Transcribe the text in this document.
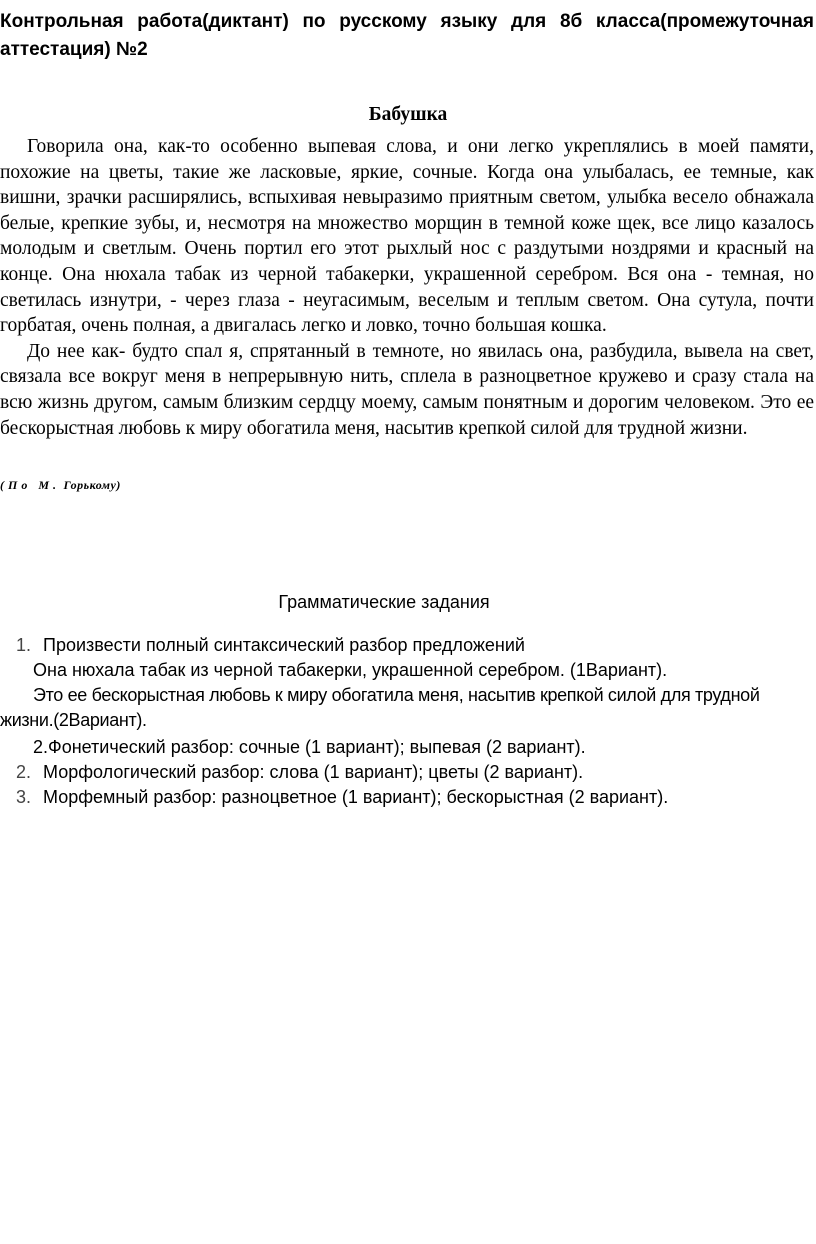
Контрольная работа(диктант) по русскому языку для 8б класса(промежуточная аттестация) №2
Бабушка

Говорила она, как-то особенно выпевая слова, и они легко укреплялись в моей памяти, похожие на цветы, такие же ласковые, яркие, сочные. Когда она улыбалась, ее темные, как вишни, зрачки расширялись, вспыхивая невыразимо приятным светом, улыбка весело обнажала белые, крепкие зубы, и, несмотря на множество морщин в темной коже щек, все лицо казалось молодым и светлым. Очень портил его этот рыхлый нос с раздутыми ноздрями и красный на конце. Она нюхала табак из черной табакерки, украшенной серебром. Вся она - темная, но светилась изнутри, - через глаза - неугасимым, веселым и теплым светом. Она сутула, почти горбатая, очень полная, а двигалась легко и ловко, точно большая кошка.

До нее как- будто спал я, спрятанный в темноте, но явилась она, разбудила, вывела на свет, связала все вокруг меня в непрерывную нить, сплела в разноцветное кружево и сразу стала на всю жизнь другом, самым близким сердцу моему, самым понятным и дорогим человеком. Это ее бескорыстная любовь к миру обогатила меня, насытив крепкой силой для трудной жизни.

( П о   М .  Горькому)
Грамматические задания
1. Произвести полный синтаксический разбор предложений
Она нюхала табак из черной табакерки, украшенной серебром. (1Вариант).
Это ее бескорыстная любовь к миру обогатила меня, насытив крепкой силой для трудной жизни.(2Вариант).
2.Фонетический разбор: сочные (1 вариант); выпевая (2 вариант).
2. Морфологический разбор: слова (1 вариант); цветы (2 вариант).
3. Морфемный разбор: разноцветное (1 вариант); бескорыстная (2 вариант).
